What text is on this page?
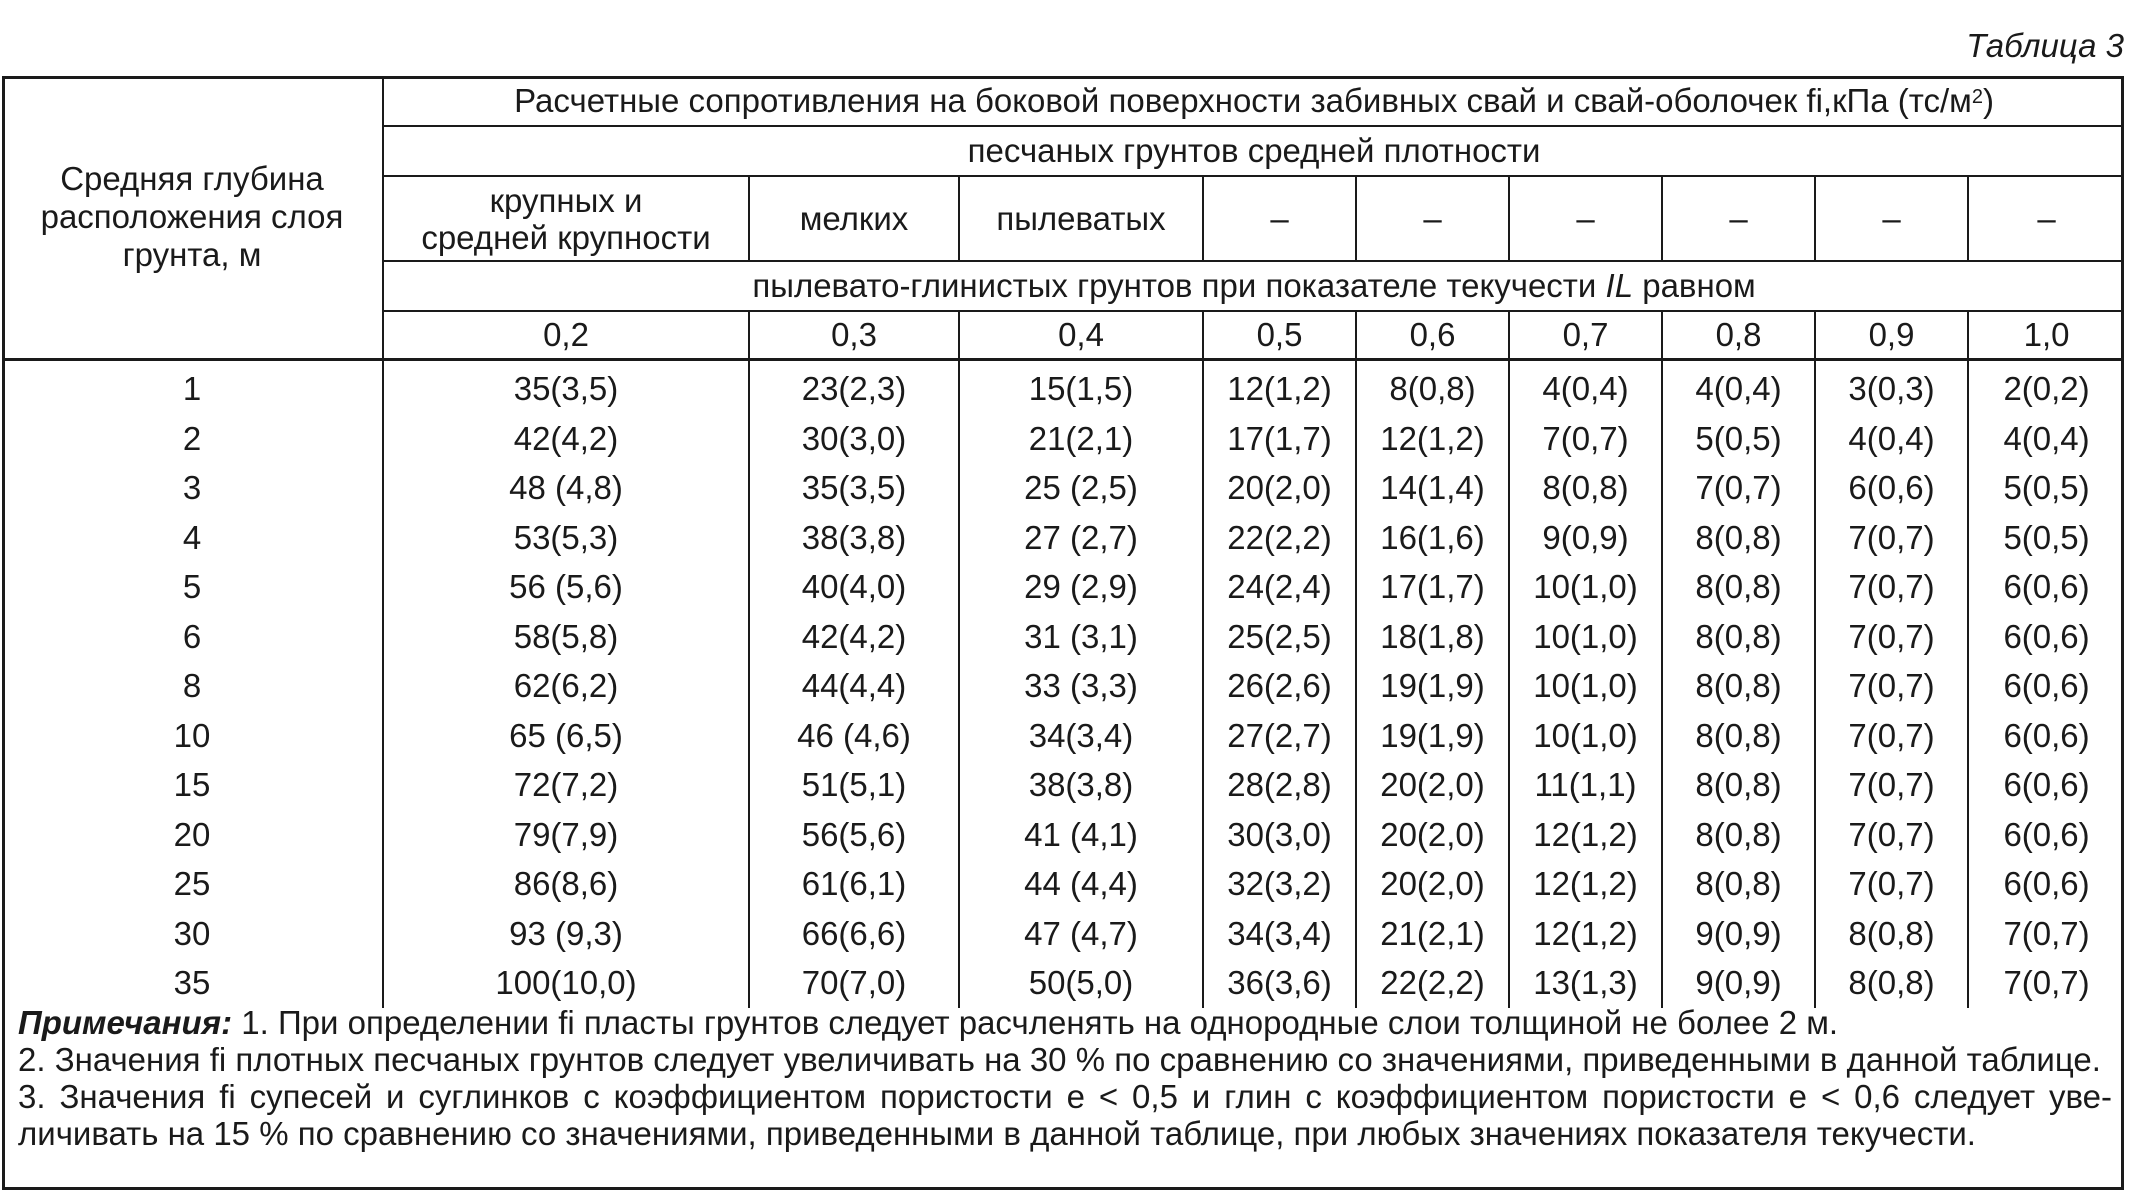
Таблица 3
Средняя глубина
расположения слоя
грунта, м	Расчетные сопротивления на боковой поверхности забивных свай и свай-оболочек fi,кПа $(тс/м^2)$								
	песчаных грунтов средней плотности								
	крупных и
средней крупности	мелких	пылеватых	–	–	–	–	–	–
	пылевато-глинистых грунтов при показателе текучести IL равном								
	0,2	0,3	0,4	0,5	0,6	0,7	0,8	0,9	1,0
1	35(3,5)	23(2,3)	15(1,5)	12(1,2)	8(0,8)	4(0,4)	4(0,4)	3(0,3)	2(0,2)
2	42(4,2)	30(3,0)	21(2,1)	17(1,7)	12(1,2)	7(0,7)	5(0,5)	4(0,4)	4(0,4)
3	48 (4,8)	35(3,5)	25 (2,5)	20(2,0)	14(1,4)	8(0,8)	7(0,7)	6(0,6)	5(0,5)
4	53(5,3)	38(3,8)	27 (2,7)	22(2,2)	16(1,6)	9(0,9)	8(0,8)	7(0,7)	5(0,5)
5	56 (5,6)	40(4,0)	29 (2,9)	24(2,4)	17(1,7)	10(1,0)	8(0,8)	7(0,7)	6(0,6)
6	58(5,8)	42(4,2)	31 (3,1)	25(2,5)	18(1,8)	10(1,0)	8(0,8)	7(0,7)	6(0,6)
8	62(6,2)	44(4,4)	33 (3,3)	26(2,6)	19(1,9)	10(1,0)	8(0,8)	7(0,7)	6(0,6)
10	65 (6,5)	46 (4,6)	34(3,4)	27(2,7)	19(1,9)	10(1,0)	8(0,8)	7(0,7)	6(0,6)
15	72(7,2)	51(5,1)	38(3,8)	28(2,8)	20(2,0)	11(1,1)	8(0,8)	7(0,7)	6(0,6)
20	79(7,9)	56(5,6)	41 (4,1)	30(3,0)	20(2,0)	12(1,2)	8(0,8)	7(0,7)	6(0,6)
25	86(8,6)	61(6,1)	44 (4,4)	32(3,2)	20(2,0)	12(1,2)	8(0,8)	7(0,7)	6(0,6)
30	93 (9,3)	66(6,6)	47 (4,7)	34(3,4)	21(2,1)	12(1,2)	9(0,9)	8(0,8)	7(0,7)
35	100(10,0)	70(7,0)	50(5,0)	36(3,6)	22(2,2)	13(1,3)	9(0,9)	8(0,8)	7(0,7)

Примечания: 1. При определении fi пласты грунтов следует расчленять на однородные слои толщиной не более 2 м.

2. Значения fi плотных песчаных грунтов следует увеличивать на 30 % по сравнению со значениями, приведенными в данной таблице.

3. Значения fi супесей и суглинков с коэффициентом пористости е < 0,5 и глин с коэффициентом пористости е < 0,6 следует уве-личивать на 15 % по сравнению со значениями, приведенными в данной таблице, при любых значениях показателя текучести.
